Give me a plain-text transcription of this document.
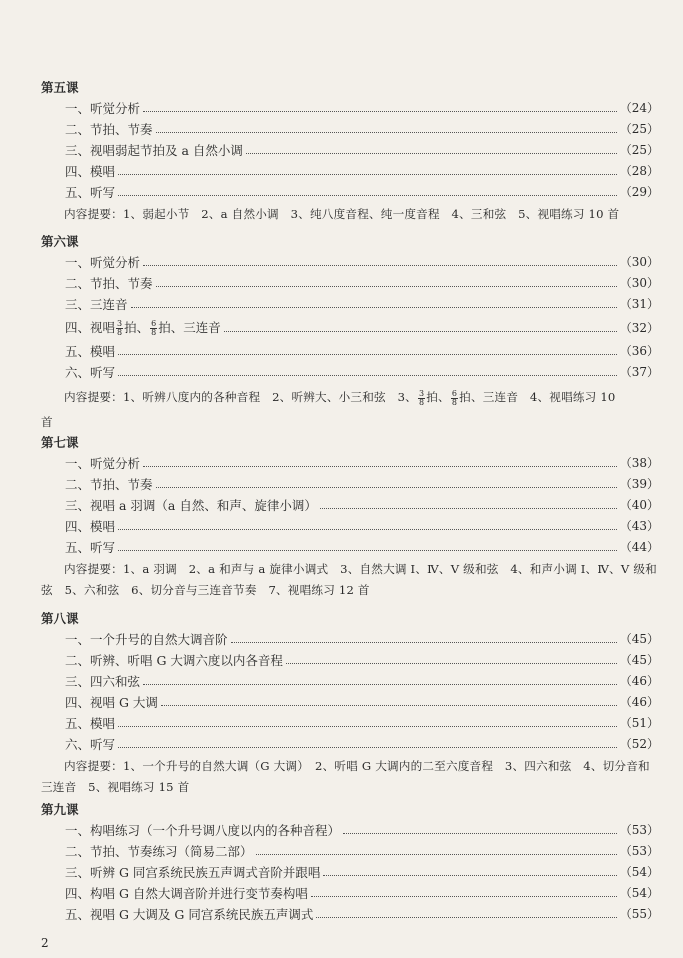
第五课
一、听觉分析	（24）
二、节拍、节奏	（25）
三、视唱弱起节拍及 a 自然小调	（25）
四、模唱	（28）
五、听写	（29）
内容提要：1、弱起小节　2、a 自然小调　3、纯八度音程、纯一度音程　4、三和弦　5、视唱练习 10 首
第六课
一、听觉分析	（30）
二、节拍、节奏	（30）
三、三连音	（31）
四、视唱 $\frac{3}{8}$ 拍、 $\frac{6}{8}$ 拍、三连音	（32）
五、模唱	（36）
六、听写	（37）
内容提要：1、听辨八度内的各种音程　2、听辨大、小三和弦　3、 $\frac{3}{8}$ 拍、 $\frac{6}{8}$ 拍、三连音　4、视唱练习 10
首
第七课
一、听觉分析	（38）
二、节拍、节奏	（39）
三、视唱 a 羽调（a 自然、和声、旋律小调）	（40）
四、模唱	（43）
五、听写	（44）
内容提要：1、a 羽调　2、a 和声与 a 旋律小调式　3、自然大调 Ⅰ、Ⅳ、Ⅴ 级和弦　4、和声小调 Ⅰ、Ⅳ、Ⅴ 级和弦　5、六和弦　6、切分音与三连音节奏　7、视唱练习 12 首
第八课
一、一个升号的自然大调音阶	（45）
二、听辨、听唱 G 大调六度以内各音程	（45）
三、四六和弦	（46）
四、视唱 G 大调	（46）
五、模唱	（51）
六、听写	（52）
内容提要：1、一个升号的自然大调（G 大调）　2、听唱 G 大调内的二至六度音程　3、四六和弦　4、切分音和三连音　5、视唱练习 15 首
第九课
一、构唱练习（一个升号调八度以内的各种音程）	（53）
二、节拍、节奏练习（简易二部）	（53）
三、听辨 G 同宫系统民族五声调式音阶并跟唱	（54）
四、构唱 G 自然大调音阶并进行变节奏构唱	（54）
五、视唱 G 大调及 G 同宫系统民族五声调式	（55）
2
